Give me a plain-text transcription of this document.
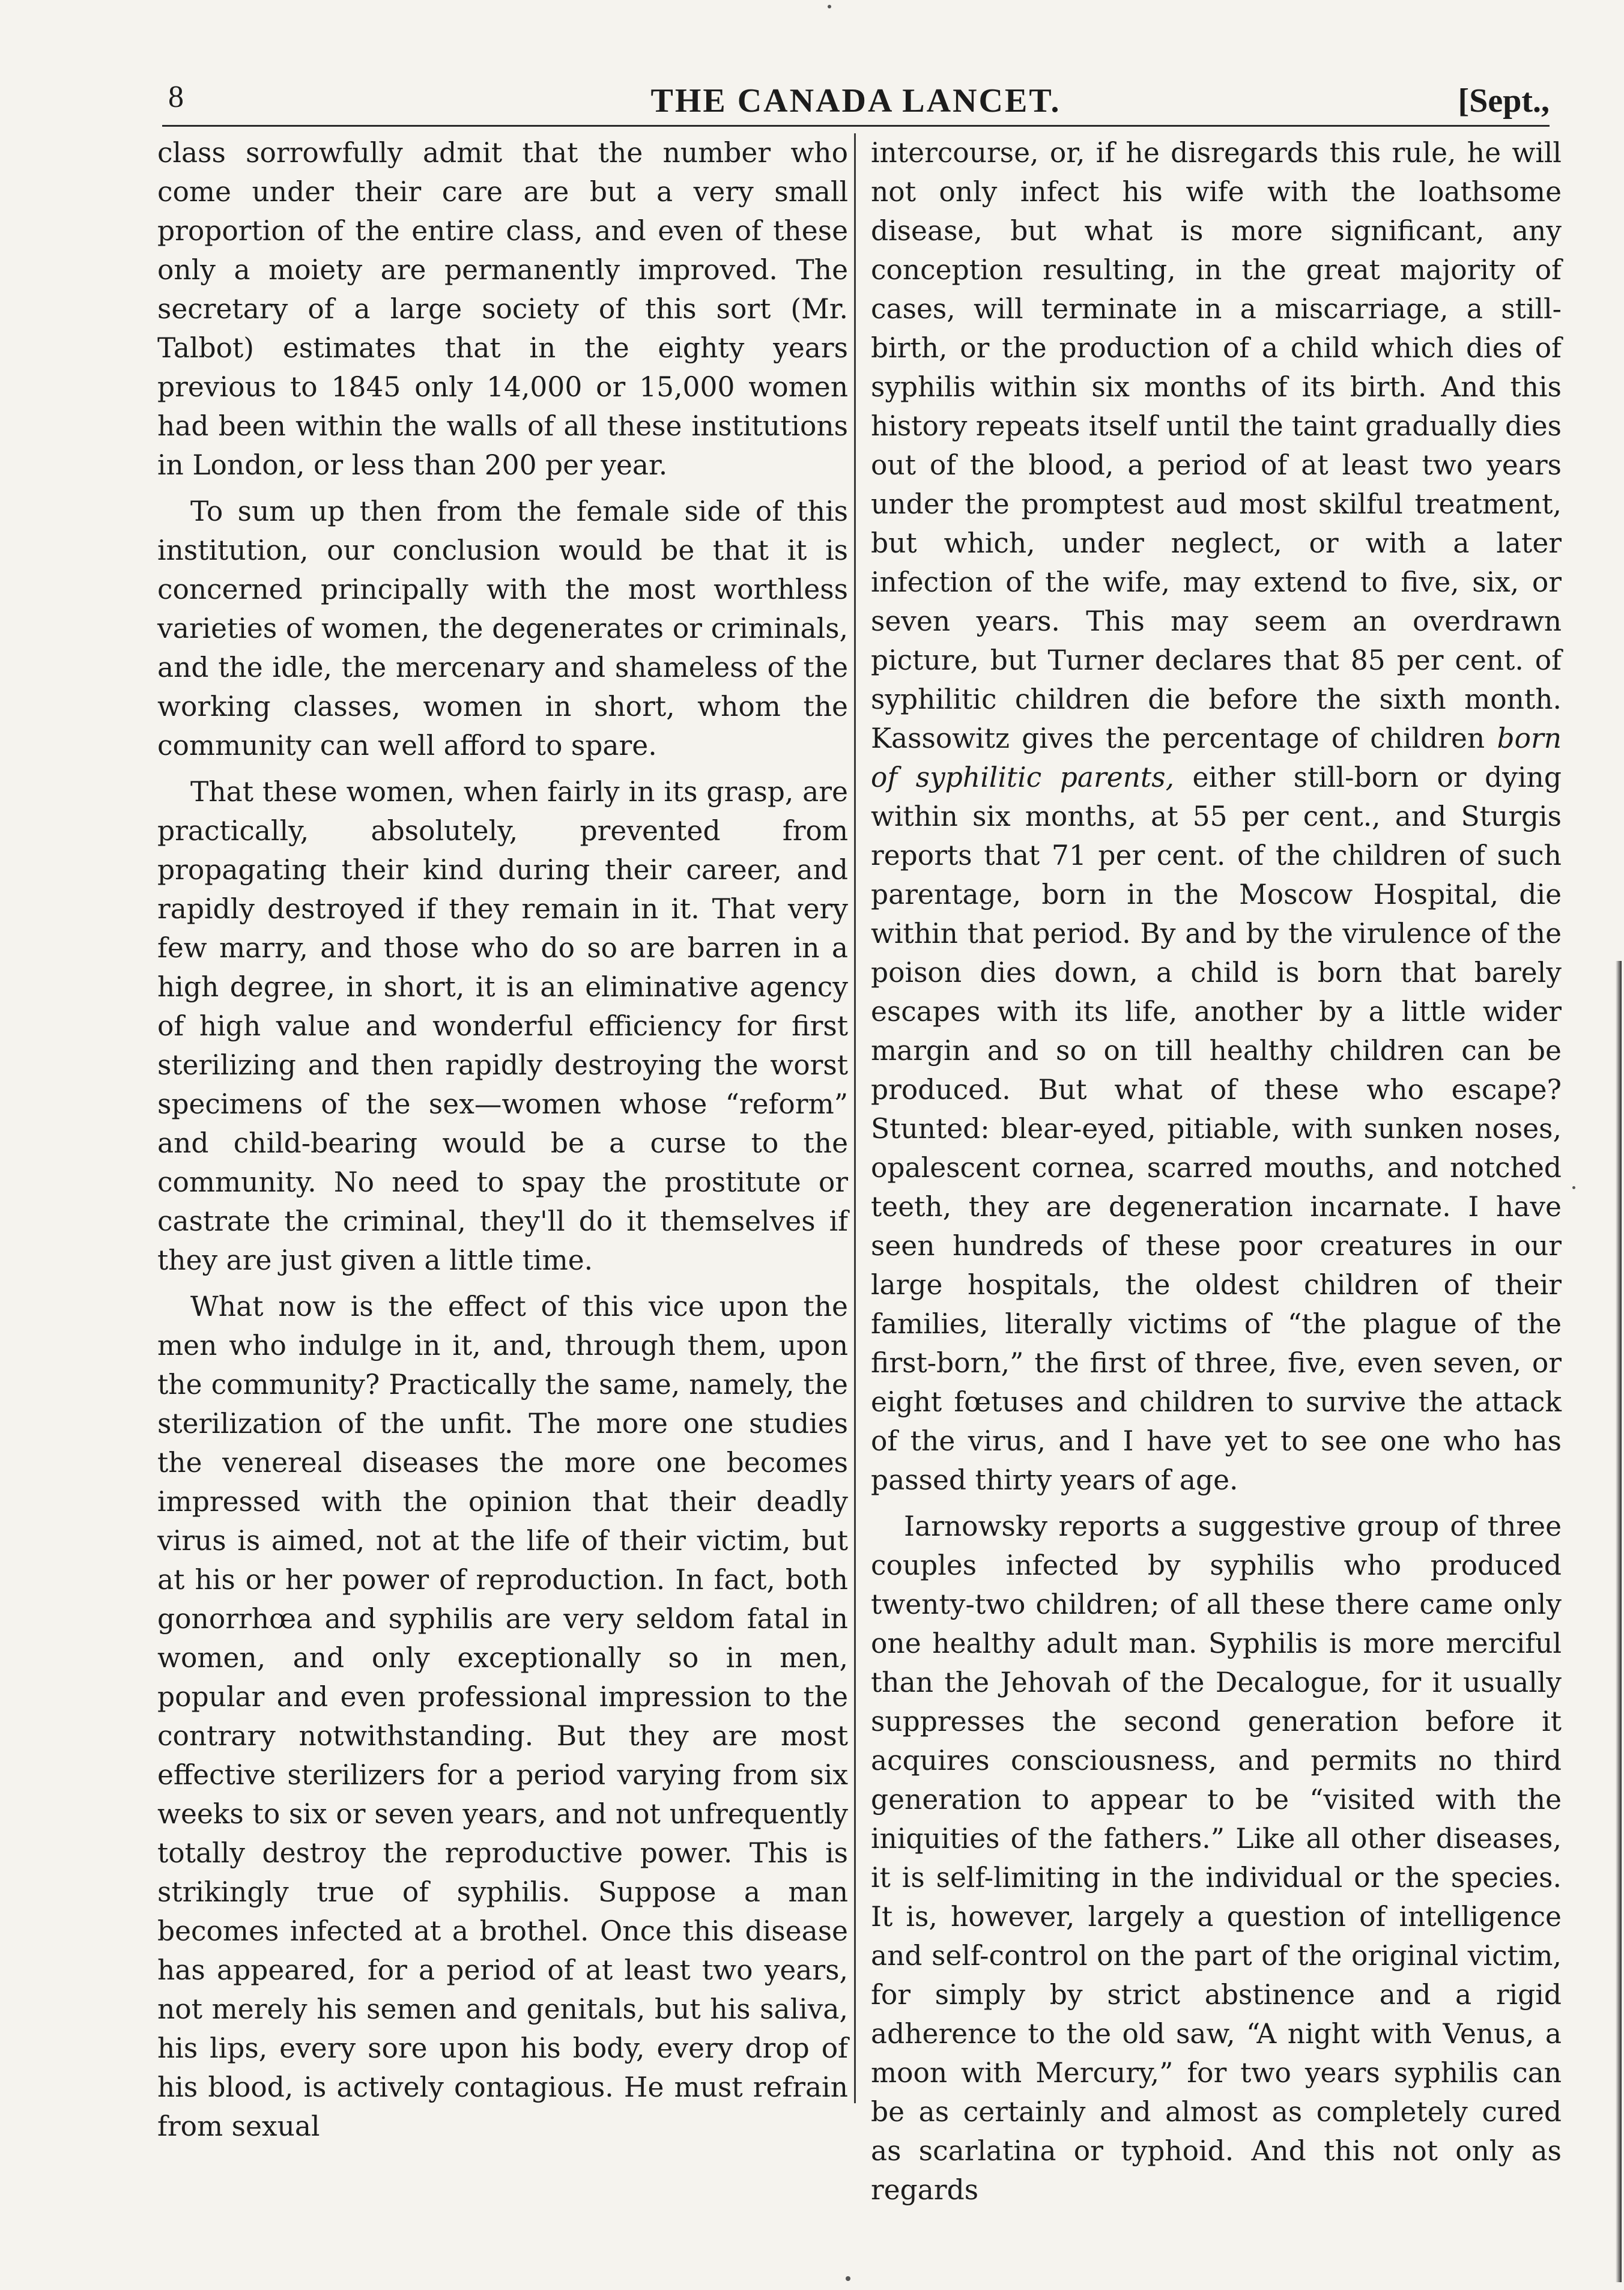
8	THE CANADA LANCET.	[Sept.,

class sorrowfully admit that the number who come under their care are but a very small proportion of the entire class, and even of these only a moiety are permanently improved. The secretary of a large society of this sort (Mr. Talbot) estimates that in the eighty years previous to 1845 only 14,000 or 15,000 women had been within the walls of all these institutions in London, or less than 200 per year.

To sum up then from the female side of this institution, our conclusion would be that it is concerned principally with the most worthless varieties of women, the degenerates or criminals, and the idle, the mercenary and shameless of the working classes, women in short, whom the community can well afford to spare.

That these women, when fairly in its grasp, are practically, absolutely, prevented from propagating their kind during their career, and rapidly destroyed if they remain in it. That very few marry, and those who do so are barren in a high degree, in short, it is an eliminative agency of high value and wonderful efficiency for first sterilizing and then rapidly destroying the worst specimens of the sex—women whose “reform” and child-bearing would be a curse to the community. No need to spay the prostitute or castrate the criminal, they'll do it themselves if they are just given a little time.

What now is the effect of this vice upon the men who indulge in it, and, through them, upon the community? Practically the same, namely, the sterilization of the unfit. The more one studies the venereal diseases the more one becomes impressed with the opinion that their deadly virus is aimed, not at the life of their victim, but at his or her power of reproduction. In fact, both gonorrhœa and syphilis are very seldom fatal in women, and only exceptionally so in men, popular and even professional impression to the contrary notwithstanding. But they are most effective sterilizers for a period varying from six weeks to six or seven years, and not unfrequently totally destroy the reproductive power. This is strikingly true of syphilis. Suppose a man becomes infected at a brothel. Once this disease has appeared, for a period of at least two years, not merely his semen and genitals, but his saliva, his lips, every sore upon his body, every drop of his blood, is actively contagious. He must refrain from sexual

intercourse, or, if he disregards this rule, he will not only infect his wife with the loathsome disease, but what is more significant, any conception resulting, in the great majority of cases, will terminate in a miscarriage, a still-birth, or the production of a child which dies of syphilis within six months of its birth. And this history repeats itself until the taint gradually dies out of the blood, a period of at least two years under the promptest aud most skilful treatment, but which, under neglect, or with a later infection of the wife, may extend to five, six, or seven years. This may seem an overdrawn picture, but Turner declares that 85 per cent. of syphilitic children die before the sixth month. Kassowitz gives the percentage of children born of syphilitic parents, either still-born or dying within six months, at 55 per cent., and Sturgis reports that 71 per cent. of the children of such parentage, born in the Moscow Hospital, die within that period. By and by the virulence of the poison dies down, a child is born that barely escapes with its life, another by a little wider margin and so on till healthy children can be produced. But what of these who escape? Stunted: blear-eyed, pitiable, with sunken noses, opalescent cornea, scarred mouths, and notched teeth, they are degeneration incarnate. I have seen hundreds of these poor creatures in our large hospitals, the oldest children of their families, literally victims of “the plague of the first-born,” the first of three, five, even seven, or eight fœtuses and children to survive the attack of the virus, and I have yet to see one who has passed thirty years of age.

Iarnowsky reports a suggestive group of three couples infected by syphilis who produced twenty-two children; of all these there came only one healthy adult man. Syphilis is more merciful than the Jehovah of the Decalogue, for it usually suppresses the second generation before it acquires consciousness, and permits no third generation to appear to be “visited with the iniquities of the fathers.” Like all other diseases, it is self-limiting in the individual or the species. It is, however, largely a question of intelligence and self-control on the part of the original victim, for simply by strict abstinence and a rigid adherence to the old saw, “A night with Venus, a moon with Mercury,” for two years syphilis can be as certainly and almost as completely cured as scarlatina or typhoid. And this not only as regards
